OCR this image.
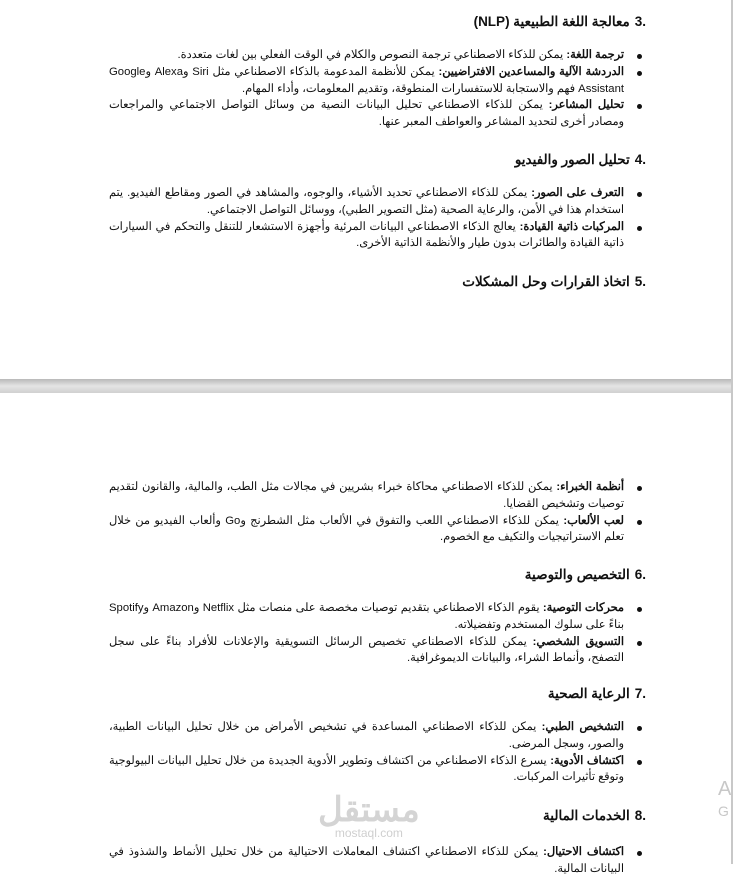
3.معالجة اللغة الطبيعية (NLP)
ترجمة اللغة: يمكن للذكاء الاصطناعي ترجمة النصوص والكلام في الوقت الفعلي بين لغات متعددة.
الدردشة الآلية والمساعدين الافتراضيين: يمكن للأنظمة المدعومة بالذكاء الاصطناعي مثل Siri وAlexa وGoogle Assistant فهم والاستجابة للاستفسارات المنطوقة، وتقديم المعلومات، وأداء المهام.
تحليل المشاعر: يمكن للذكاء الاصطناعي تحليل البيانات النصية من وسائل التواصل الاجتماعي والمراجعات ومصادر أخرى لتحديد المشاعر والعواطف المعبر عنها.
4.تحليل الصور والفيديو
التعرف على الصور: يمكن للذكاء الاصطناعي تحديد الأشياء، والوجوه، والمشاهد في الصور ومقاطع الفيديو. يتم استخدام هذا في الأمن، والرعاية الصحية (مثل التصوير الطبي)، ووسائل التواصل الاجتماعي.
المركبات ذاتية القيادة: يعالج الذكاء الاصطناعي البيانات المرئية وأجهزة الاستشعار للتنقل والتحكم في السيارات ذاتية القيادة والطائرات بدون طيار والأنظمة الذاتية الأخرى.
5.اتخاذ القرارات وحل المشكلات
أنظمة الخبراء: يمكن للذكاء الاصطناعي محاكاة خبراء بشريين في مجالات مثل الطب، والمالية، والقانون لتقديم توصيات وتشخيص القضايا.
لعب الألعاب: يمكن للذكاء الاصطناعي اللعب والتفوق في الألعاب مثل الشطرنج وGo وألعاب الفيديو من خلال تعلم الاستراتيجيات والتكيف مع الخصوم.
6.التخصيص والتوصية
محركات التوصية: يقوم الذكاء الاصطناعي بتقديم توصيات مخصصة على منصات مثل Netflix وAmazon وSpotify بناءً على سلوك المستخدم وتفضيلاته.
التسويق الشخصي: يمكن للذكاء الاصطناعي تخصيص الرسائل التسويقية والإعلانات للأفراد بناءً على سجل التصفح، وأنماط الشراء، والبيانات الديموغرافية.
7.الرعاية الصحية
التشخيص الطبي: يمكن للذكاء الاصطناعي المساعدة في تشخيص الأمراض من خلال تحليل البيانات الطبية، والصور، وسجل المرضى.
اكتشاف الأدوية: يسرع الذكاء الاصطناعي من اكتشاف وتطوير الأدوية الجديدة من خلال تحليل البيانات البيولوجية وتوقع تأثيرات المركبات.
8.الخدمات المالية
اكتشاف الاحتيال: يمكن للذكاء الاصطناعي اكتشاف المعاملات الاحتيالية من خلال تحليل الأنماط والشذوذ في البيانات المالية.
مستقل
mostaql.com
A
G
